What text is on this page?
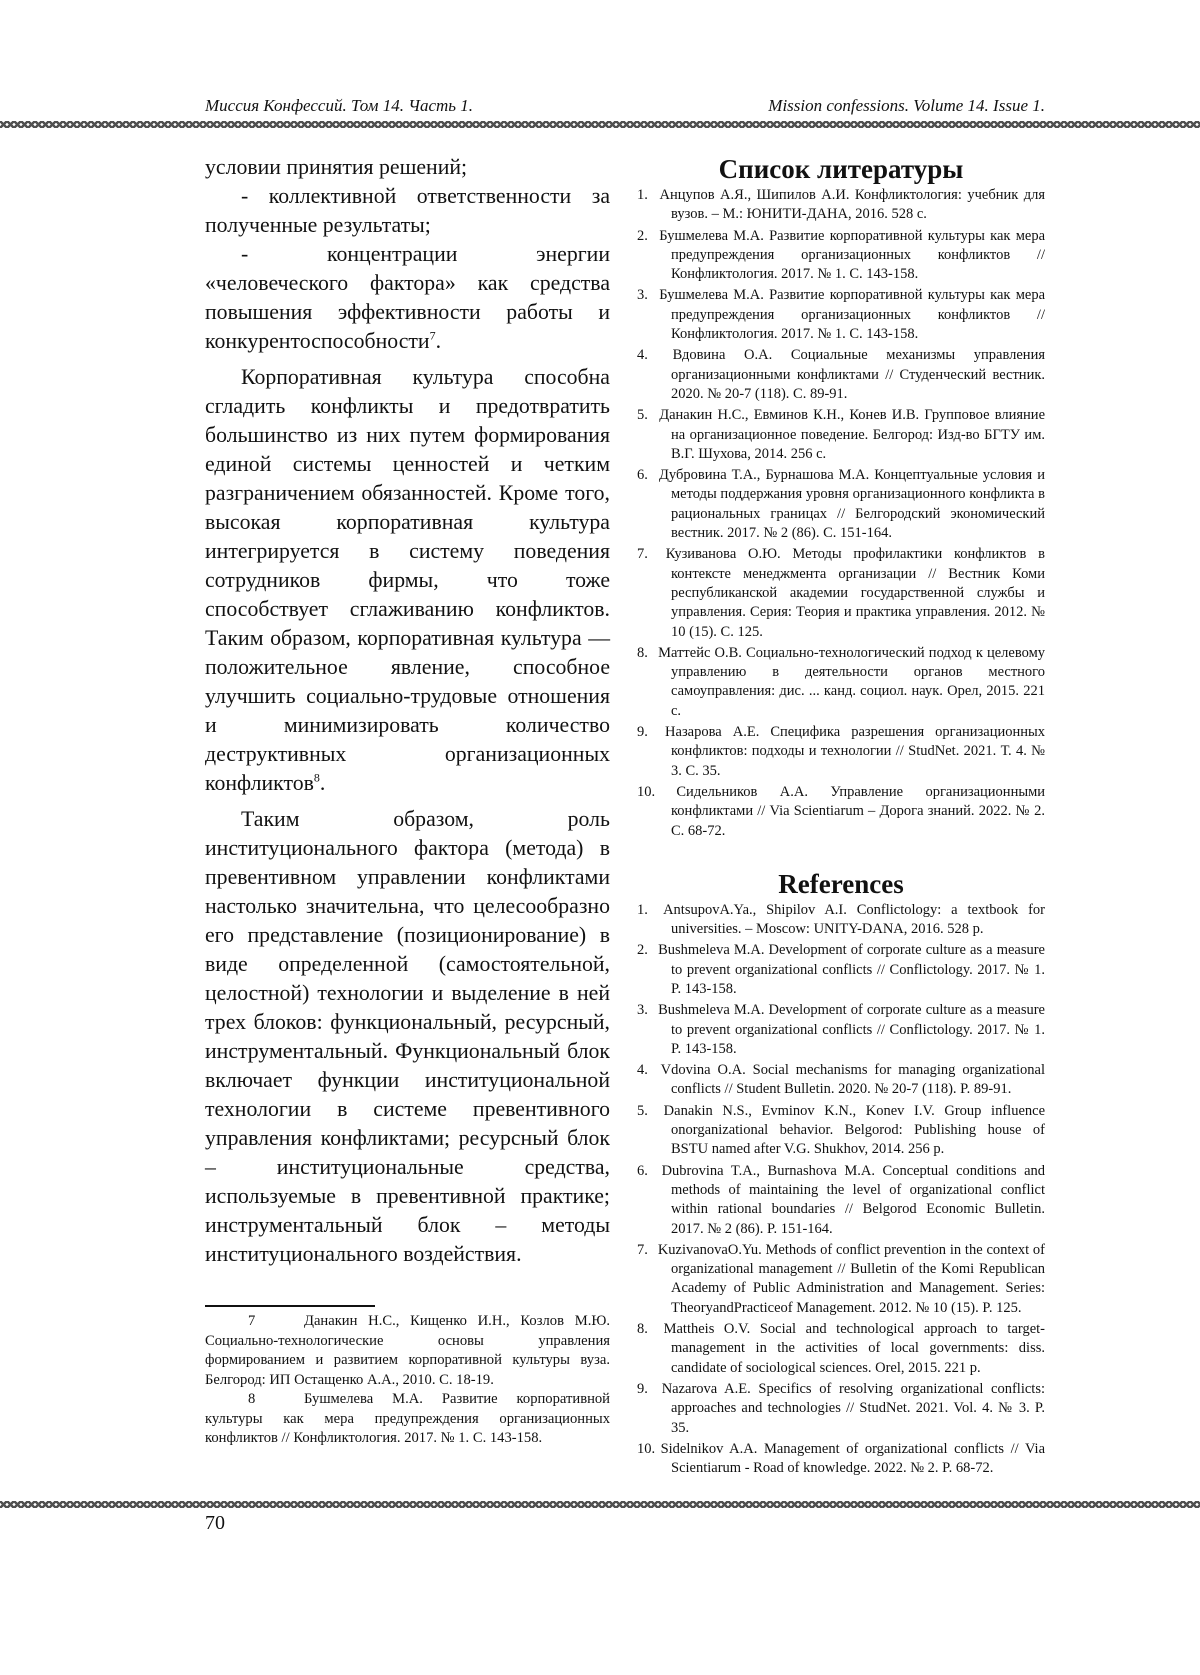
Миссия Конфессий. Том 14. Часть 1.	Mission confessions. Volume 14. Issue 1.

условии принятия решений;

- коллективной ответственности за полученные результаты;

- концентрации энергии «человеческого фактора» как средства повышения эффективности работы и конкурентоспособности$^7$.

Корпоративная культура способна сгладить конфликты и предотвратить большинство из них путем формирования единой системы ценностей и четким разграничением обязанностей. Кроме того, высокая корпоративная культура интегрируется в систему поведения сотрудников фирмы, что тоже способствует сглаживанию конфликтов. Таким образом, корпоративная культура — положительное явление, способное улучшить социально-трудовые отношения и минимизировать количество деструктивных организационных конфликтов$^8$.

Таким образом, роль институционального фактора (метода) в превентивном управлении конфликтами настолько значительна, что целесообразно его представление (позиционирование) в виде определенной (самостоятельной, целостной) технологии и выделение в ней трех блоков: функциональный, ресурсный, инструментальный. Функциональный блок включает функции институциональной технологии в системе превентивного управления конфликтами; ресурсный блок – институциональные средства, используемые в превентивной практике; инструментальный блок – методы институционального воздействия.

7	Данакин Н.С., Кищенко И.Н., Козлов М.Ю. Социально-технологические основы управления формированием и развитием корпоративной культуры вуза. Белгород: ИП Остащенко А.А., 2010. С. 18-19.

8	Бушмелева М.А. Развитие корпоративной культуры как мера предупреждения организационных конфликтов // Конфликтология. 2017. № 1. С. 143-158.

Список литературы
1. Анцупов А.Я., Шипилов А.И. Конфликтология: учебник для вузов. – М.: ЮНИТИ-ДАНА, 2016. 528 с.
2. Бушмелева М.А. Развитие корпоративной культуры как мера предупреждения организационных конфликтов // Конфликтология. 2017. № 1. С. 143-158.
3. Бушмелева М.А. Развитие корпоративной культуры как мера предупреждения организационных конфликтов // Конфликтология. 2017. № 1. С. 143-158.
4. Вдовина О.А. Социальные механизмы управления организационными конфликтами // Студенческий вестник. 2020. № 20-7 (118). С. 89-91.
5. Данакин Н.С., Евминов К.Н., Конев И.В. Групповое влияние на организационное поведение. Белгород: Изд-во БГТУ им. В.Г. Шухова, 2014. 256 с.
6. Дубровина Т.А., Бурнашова М.А. Концептуальные условия и методы поддержания уровня организационного конфликта в рациональных границах // Белгородский экономический вестник. 2017. № 2 (86). С. 151-164.
7. Кузиванова О.Ю. Методы профилактики конфликтов в контексте менеджмента организации // Вестник Коми республиканской академии государственной службы и управления. Серия: Теория и практика управления. 2012. № 10 (15). С. 125.
8. Маттейс О.В. Социально-технологический подход к целевому управлению в деятельности органов местного самоуправления: дис. ... канд. социол. наук. Орел, 2015. 221 с.
9. Назарова А.Е. Специфика разрешения организационных конфликтов: подходы и технологии // StudNet. 2021. Т. 4. № 3. С. 35.
10. Сидельников А.А. Управление организационными конфликтами // Via Scientiarum – Дорога знаний. 2022. № 2. С. 68-72.
References
1. AntsupovA.Ya., Shipilov A.I. Conflictology: a textbook for universities. – Moscow: UNITY-DANA, 2016. 528 p.
2. Bushmeleva M.A. Development of corporate culture as a measure to prevent organizational conflicts // Conflictology. 2017. № 1. P. 143-158.
3. Bushmeleva M.A. Development of corporate culture as a measure to prevent organizational conflicts // Conflictology. 2017. № 1. P. 143-158.
4. Vdovina O.A. Social mechanisms for managing organizational conflicts // Student Bulletin. 2020. № 20-7 (118). P. 89-91.
5. Danakin N.S., Evminov K.N., Konev I.V. Group influence onorganizational behavior. Belgorod: Publishing house of BSTU named after V.G. Shukhov, 2014. 256 p.
6. Dubrovina T.A., Burnashova M.A. Conceptual conditions and methods of maintaining the level of organizational conflict within rational boundaries // Belgorod Economic Bulletin. 2017. № 2 (86). P. 151-164.
7. KuzivanovaO.Yu. Methods of conflict prevention in the context of organizational management // Bulletin of the Komi Republican Academy of Public Administration and Management. Series: TheoryandPracticeof Management. 2012. № 10 (15). P. 125.
8. Mattheis O.V. Social and technological approach to target-management in the activities of local governments: diss. candidate of sociological sciences. Orel, 2015. 221 p.
9. Nazarova A.E. Specifics of resolving organizational conflicts: approaches and technologies // StudNet. 2021. Vol. 4. № 3. P. 35.
10. Sidelnikov A.A. Management of organizational conflicts // Via Scientiarum - Road of knowledge. 2022. № 2. P. 68-72.
70
